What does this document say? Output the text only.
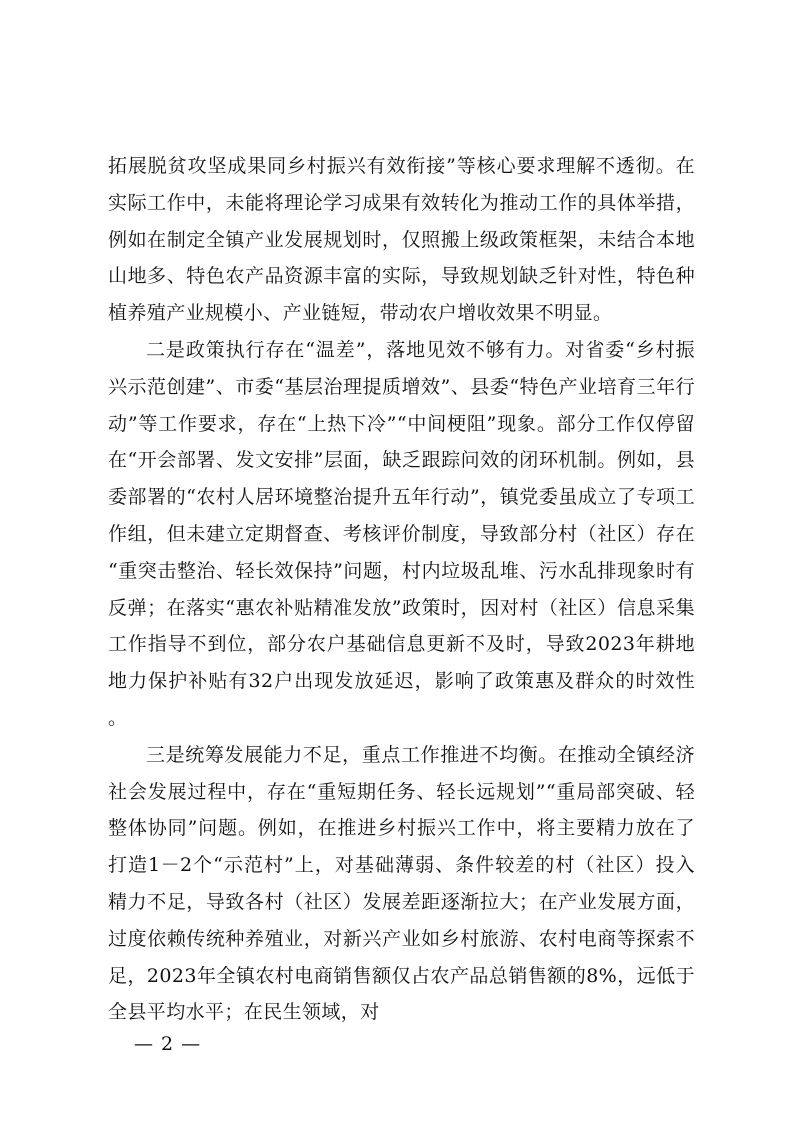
拓展脱贫攻坚成果同乡村振兴有效衔接”等核心要求理解不透彻。在实际工作中，未能将理论学习成果有效转化为推动工作的具体举措，例如在制定全镇产业发展规划时，仅照搬上级政策框架，未结合本地山地多、特色农产品资源丰富的实际，导致规划缺乏针对性，特色种植养殖产业规模小、产业链短，带动农户增收效果不明显。

二是政策执行存在“温差”，落地见效不够有力。对省委“乡村振兴示范创建”、市委“基层治理提质增效”、县委“特色产业培育三年行动”等工作要求，存在“上热下冷”“中间梗阻”现象。部分工作仅停留在“开会部署、发文安排”层面，缺乏跟踪问效的闭环机制。例如，县委部署的“农村人居环境整治提升五年行动”，镇党委虽成立了专项工作组，但未建立定期督查、考核评价制度，导致部分村（社区）存在“重突击整治、轻长效保持”问题，村内垃圾乱堆、污水乱排现象时有反弹；在落实“惠农补贴精准发放”政策时，因对村（社区）信息采集工作指导不到位，部分农户基础信息更新不及时，导致2023年耕地地力保护补贴有32户出现发放延迟，影响了政策惠及群众的时效性。

三是统筹发展能力不足，重点工作推进不均衡。在推动全镇经济社会发展过程中，存在“重短期任务、轻长远规划”“重局部突破、轻整体协同”问题。例如，在推进乡村振兴工作中，将主要精力放在了打造1－2个“示范村”上，对基础薄弱、条件较差的村（社区）投入精力不足，导致各村（社区）发展差距逐渐拉大；在产业发展方面，过度依赖传统种养殖业，对新兴产业如乡村旅游、农村电商等探索不足，2023年全镇农村电商销售额仅占农产品总销售额的8%，远低于全县平均水平；在民生领域，对

— 2 —
